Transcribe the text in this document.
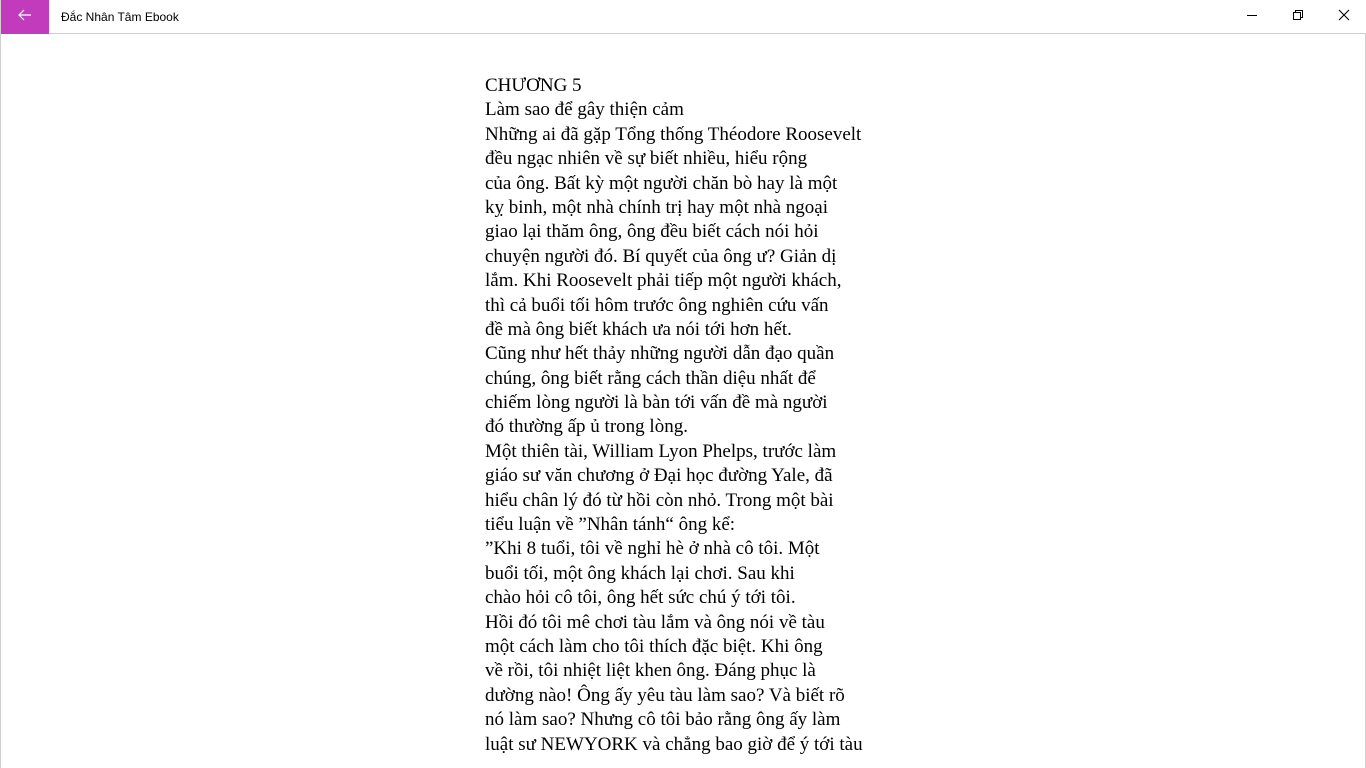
Đắc Nhân Tâm Ebook
CHƯƠNG 5
Làm sao để gây thiện cảm
Những ai đã gặp Tổng thống Théodore Roosevelt
đều ngạc nhiên về sự biết nhiều, hiểu rộng
của ông. Bất kỳ một người chăn bò hay là một
kỵ binh, một nhà chính trị hay một nhà ngoại
giao lại thăm ông, ông đều biết cách nói hỏi
chuyện người đó. Bí quyết của ông ư? Giản dị
lắm. Khi Roosevelt phải tiếp một người khách,
thì cả buổi tối hôm trước ông nghiên cứu vấn
đề mà ông biết khách ưa nói tới hơn hết.
Cũng như hết thảy những người dẫn đạo quần
chúng, ông biết rằng cách thần diệu nhất để
chiếm lòng người là bàn tới vấn đề mà người
đó thường ấp ủ trong lòng.
Một thiên tài, William Lyon Phelps, trước làm
giáo sư văn chương ở Đại học đường Yale, đã
hiểu chân lý đó từ hồi còn nhỏ. Trong một bài
tiểu luận về ”Nhân tánh“ ông kể:
”Khi 8 tuổi, tôi về nghỉ hè ở nhà cô tôi. Một
buổi tối, một ông khách lại chơi. Sau khi
chào hỏi cô tôi, ông hết sức chú ý tới tôi.
Hồi đó tôi mê chơi tàu lắm và ông nói về tàu
một cách làm cho tôi thích đặc biệt. Khi ông
về rồi, tôi nhiệt liệt khen ông. Đáng phục là
dường nào! Ông ấy yêu tàu làm sao? Và biết rõ
nó làm sao? Nhưng cô tôi bảo rằng ông ấy làm
luật sư NEWYORK và chẳng bao giờ để ý tới tàu
